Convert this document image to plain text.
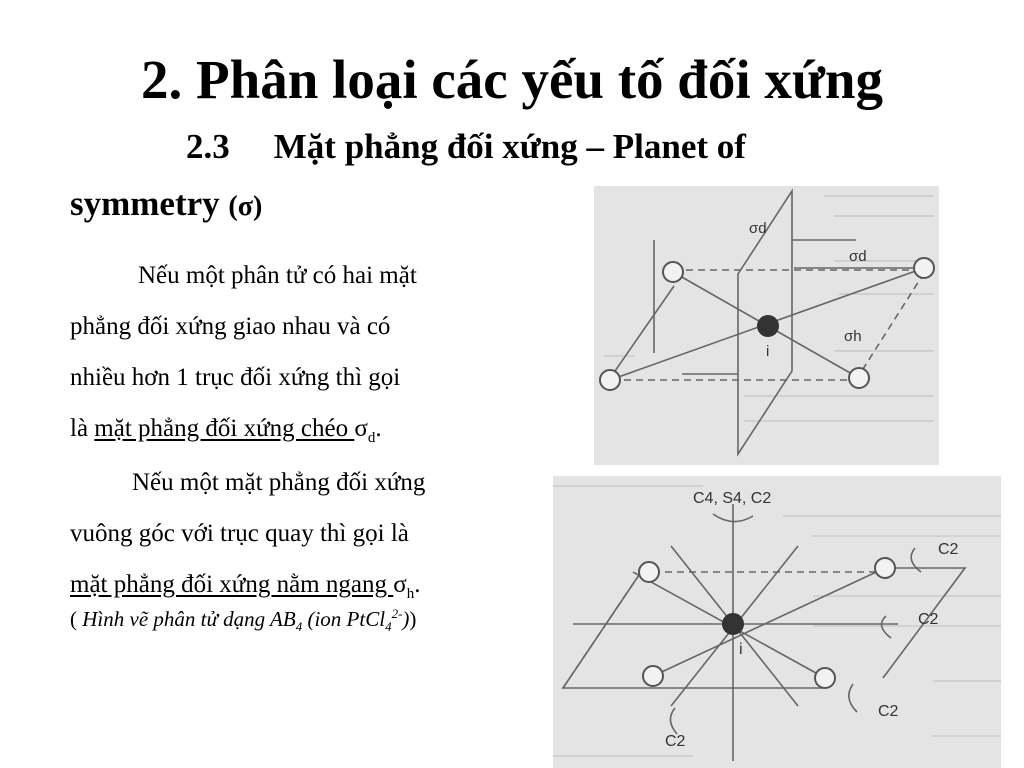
2. Phân loại các yếu tố đối xứng
2.3 Mặt phẳng đối xứng – Planet of
symmetry (σ)
Nếu một phân tử có hai mặt
phẳng đối xứng giao nhau và có
nhiều hơn 1 trục đối xứng thì gọi
là mặt phẳng đối xứng chéo $\sigma_d$.
Nếu một mặt phẳng đối xứng
vuông góc với trục quay thì gọi là
mặt phẳng đối xứng nằm ngang $\sigma_h$.
( Hình vẽ phân tử dạng $AB_4$ (ion PtCl$_4^{2-}$))
σd
σd
σh
i
C4, S4, C2
C2
C2
C2
C2
i
